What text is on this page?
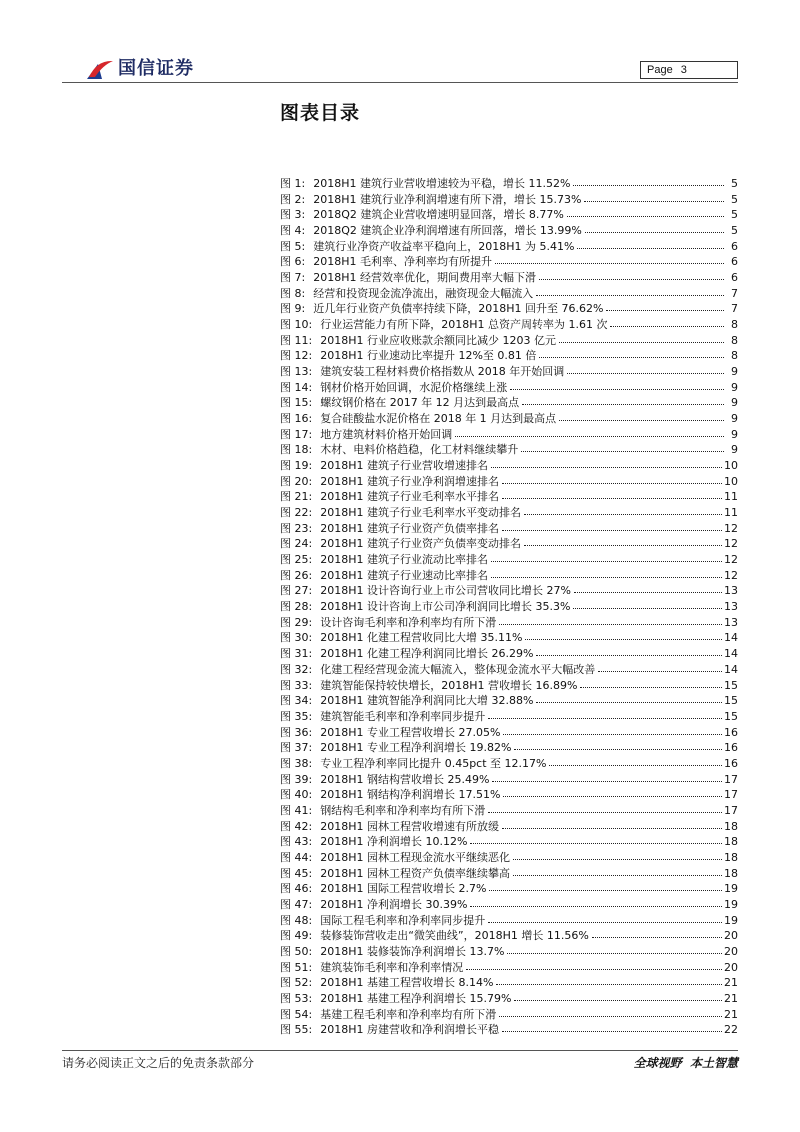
国信证券	Page 3
图表目录
图 1: 2018H1 建筑行业营收增速较为平稳，增长 11.52%	5
图 2: 2018H1 建筑行业净利润增速有所下滑，增长 15.73%	5
图 3: 2018Q2 建筑企业营收增速明显回落，增长 8.77%	5
图 4: 2018Q2 建筑企业净利润增速有所回落，增长 13.99%	5
图 5: 建筑行业净资产收益率平稳向上，2018H1 为 5.41%	6
图 6: 2018H1 毛利率、净利率均有所提升	6
图 7: 2018H1 经营效率优化，期间费用率大幅下滑	6
图 8: 经营和投资现金流净流出，融资现金大幅流入	7
图 9: 近几年行业资产负债率持续下降，2018H1 回升至 76.62%	7
图 10: 行业运营能力有所下降，2018H1 总资产周转率为 1.61 次	8
图 11: 2018H1 行业应收账款余额同比减少 1203 亿元	8
图 12: 2018H1 行业速动比率提升 12%至 0.81 倍	8
图 13: 建筑安装工程材料费价格指数从 2018 年开始回调	9
图 14: 钢材价格开始回调，水泥价格继续上涨	9
图 15: 螺纹钢价格在 2017 年 12 月达到最高点	9
图 16: 复合硅酸盐水泥价格在 2018 年 1 月达到最高点	9
图 17: 地方建筑材料价格开始回调	9
图 18: 木材、电料价格趋稳，化工材料继续攀升	9
图 19: 2018H1 建筑子行业营收增速排名	10
图 20: 2018H1 建筑子行业净利润增速排名	10
图 21: 2018H1 建筑子行业毛利率水平排名	11
图 22: 2018H1 建筑子行业毛利率水平变动排名	11
图 23: 2018H1 建筑子行业资产负债率排名	12
图 24: 2018H1 建筑子行业资产负债率变动排名	12
图 25: 2018H1 建筑子行业流动比率排名	12
图 26: 2018H1 建筑子行业速动比率排名	12
图 27: 2018H1 设计咨询行业上市公司营收同比增长 27%	13
图 28: 2018H1 设计咨询上市公司净利润同比增长 35.3%	13
图 29: 设计咨询毛利率和净利率均有所下滑	13
图 30: 2018H1 化建工程营收同比大增 35.11%	14
图 31: 2018H1 化建工程净利润同比增长 26.29%	14
图 32: 化建工程经营现金流大幅流入，整体现金流水平大幅改善	14
图 33: 建筑智能保持较快增长，2018H1 营收增长 16.89%	15
图 34: 2018H1 建筑智能净利润同比大增 32.88%	15
图 35: 建筑智能毛利率和净利率同步提升	15
图 36: 2018H1 专业工程营收增长 27.05%	16
图 37: 2018H1 专业工程净利润增长 19.82%	16
图 38: 专业工程净利率同比提升 0.45pct 至 12.17%	16
图 39: 2018H1 钢结构营收增长 25.49%	17
图 40: 2018H1 钢结构净利润增长 17.51%	17
图 41: 钢结构毛利率和净利率均有所下滑	17
图 42: 2018H1 园林工程营收增速有所放缓	18
图 43: 2018H1 净利润增长 10.12%	18
图 44: 2018H1 园林工程现金流水平继续恶化	18
图 45: 2018H1 园林工程资产负债率继续攀高	18
图 46: 2018H1 国际工程营收增长 2.7%	19
图 47: 2018H1 净利润增长 30.39%	19
图 48: 国际工程毛利率和净利率同步提升	19
图 49: 装修装饰营收走出“微笑曲线”，2018H1 增长 11.56%	20
图 50: 2018H1 装修装饰净利润增长 13.7%	20
图 51: 建筑装饰毛利率和净利率情况	20
图 52: 2018H1 基建工程营收增长 8.14%	21
图 53: 2018H1 基建工程净利润增长 15.79%	21
图 54: 基建工程毛利率和净利率均有所下滑	21
图 55: 2018H1 房建营收和净利润增长平稳	22
请务必阅读正文之后的免责条款部分	全球视野  本土智慧
